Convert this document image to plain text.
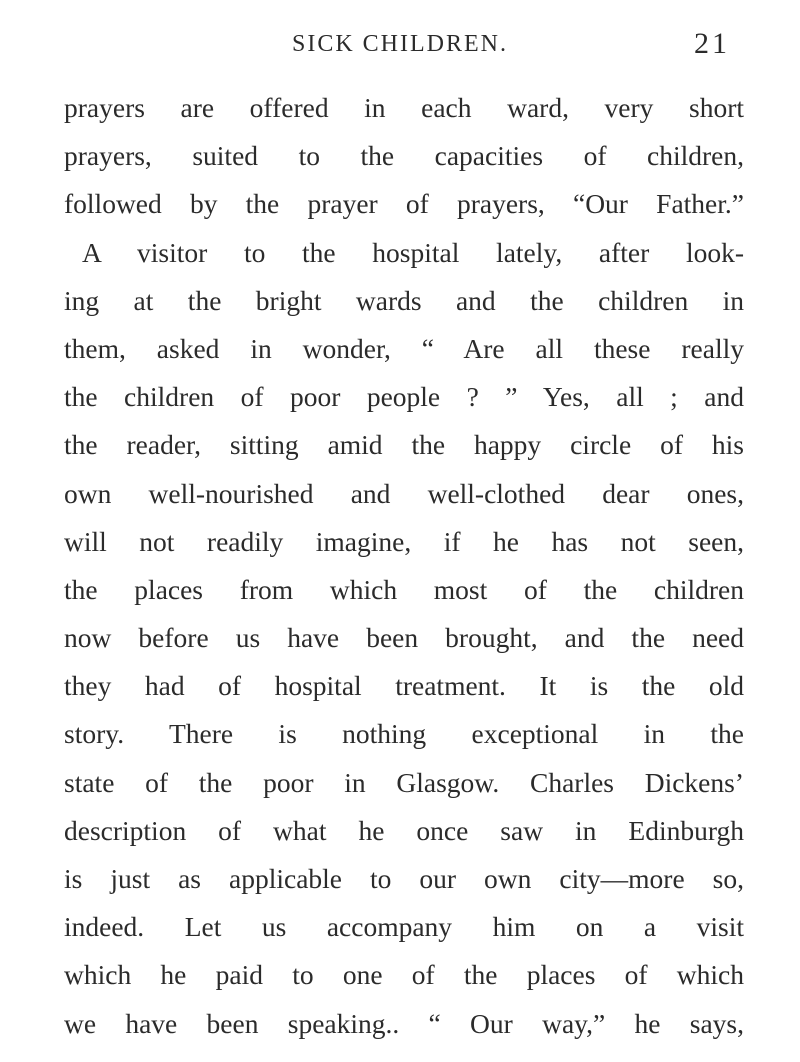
SICK CHILDREN.	21
prayers are offered in each ward, very short
prayers, suited to the capacities of children,
followed by the prayer of prayers, “Our Father.”
A visitor to the hospital lately, after look-
ing at the bright wards and the children in
them, asked in wonder, “ Are all these really
the children of poor people ? ” Yes, all ; and
the reader, sitting amid the happy circle of his
own well-nourished and well-clothed dear ones,
will not readily imagine, if he has not seen,
the places from which most of the children
now before us have been brought, and the need
they had of hospital treatment. It is the old
story. There is nothing exceptional in the
state of the poor in Glasgow. Charles Dickens’
description of what he once saw in Edinburgh
is just as applicable to our own city—more so,
indeed. Let us accompany him on a visit
which he paid to one of the places of which
we have been speaking.. “ Our way,” he says,
